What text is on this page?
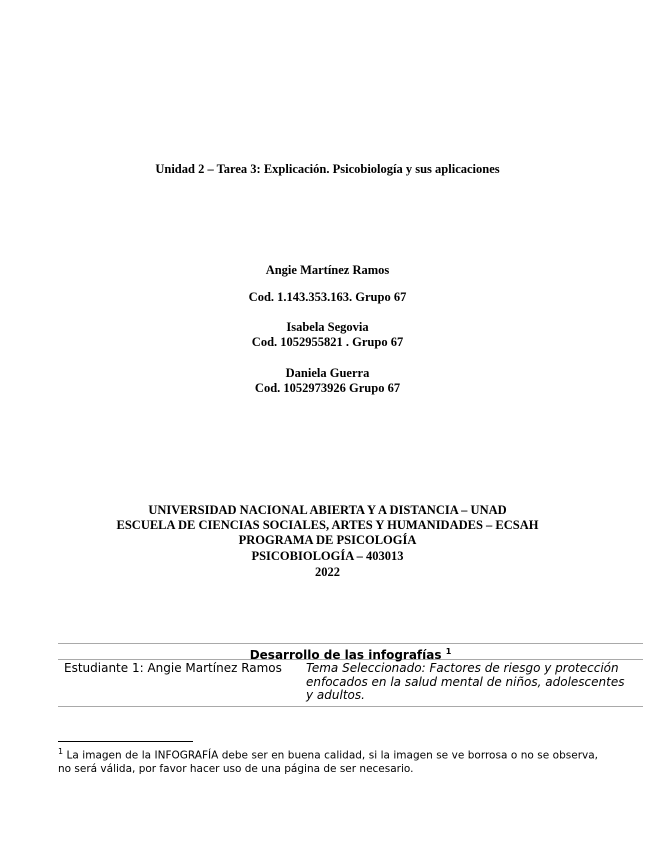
Unidad 2 – Tarea 3: Explicación. Psicobiología y sus aplicaciones
Angie Martínez Ramos
Cod. 1.143.353.163. Grupo 67
Isabela Segovia
Cod. 1052955821 . Grupo 67
Daniela Guerra
Cod. 1052973926 Grupo 67
UNIVERSIDAD NACIONAL ABIERTA Y A DISTANCIA – UNAD
ESCUELA DE CIENCIAS SOCIALES, ARTES Y HUMANIDADES – ECSAH
PROGRAMA DE PSICOLOGÍA
PSICOBIOLOGÍA – 403013
2022
Desarrollo de las infografías $^1$
Estudiante 1: Angie Martínez Ramos	Tema Seleccionado: Factores de riesgo y protección enfocados en la salud mental de niños, adolescentes y adultos.
$^1$ La imagen de la INFOGRAFÍA debe ser en buena calidad, si la imagen se ve borrosa o no se observa, no será válida, por favor hacer uso de una página de ser necesario.
